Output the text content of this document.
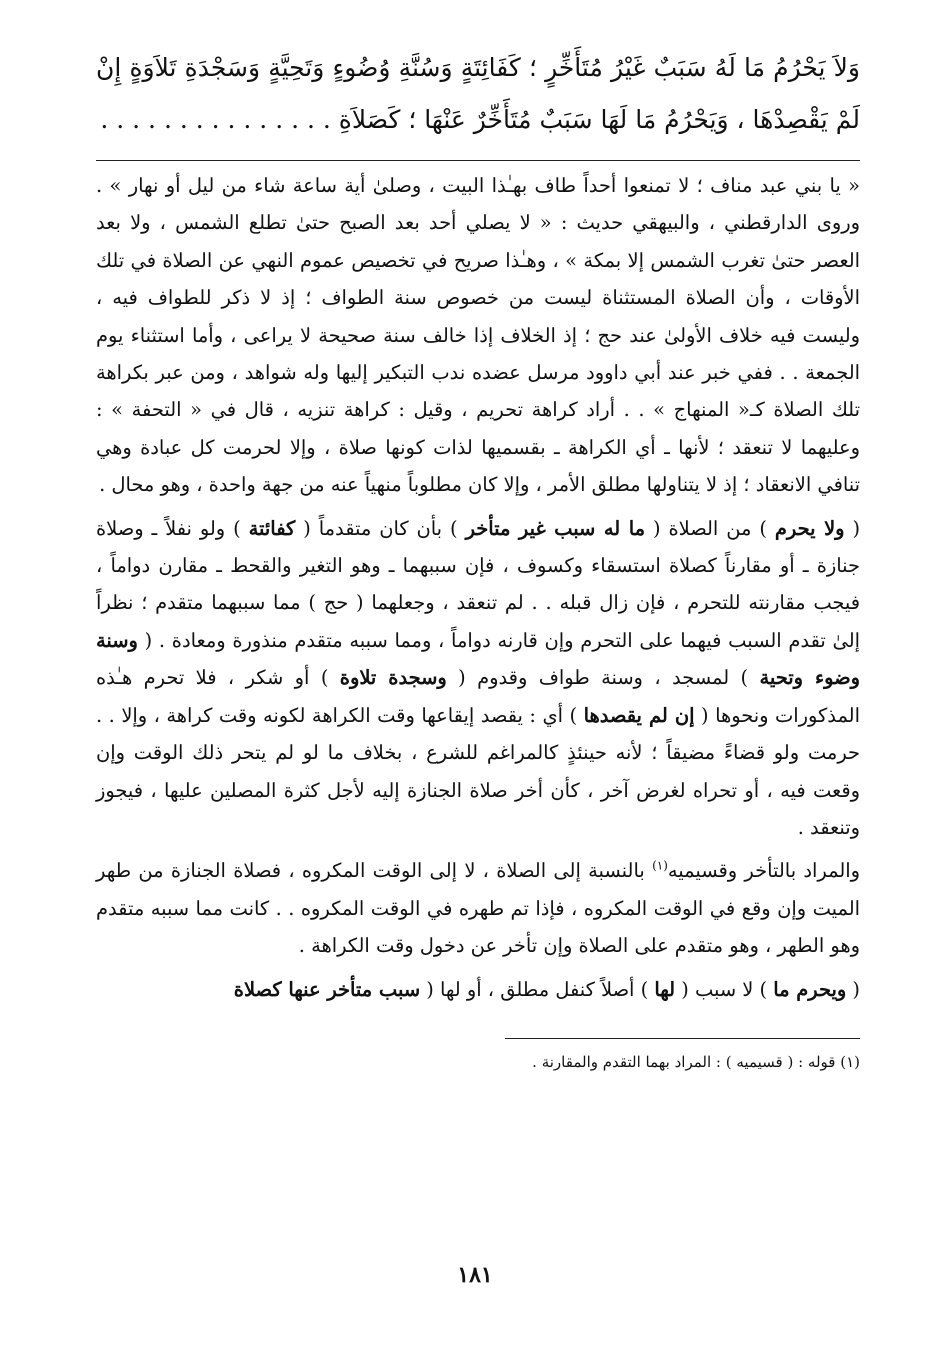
وَلاَ يَحْرُمُ مَا لَهُ سَبَبٌ غَيْرُ مُتَأَخِّرٍ ؛ كَفَائِتَةٍ وَسُنَّةِ وُضُوءٍ وَتَحِيَّةٍ وَسَجْدَةِ تَلاَوَةٍ إِنْ لَمْ يَقْصِدْهَا ، وَيَحْرُمُ مَا لَهَا سَبَبٌ مُتَأَخِّرٌ عَنْهَا ؛ كَصَلاَةِ . . . . . . . . . . . . . . .

« يا بني عبد مناف ؛ لا تمنعوا أحداً طاف بهـٰذا البيت ، وصلىٰ أية ساعة شاء من ليل أو نهار » . وروى الدارقطني ، والبيهقي حديث : « لا يصلي أحد بعد الصبح حتىٰ تطلع الشمس ، ولا بعد العصر حتىٰ تغرب الشمس إلا بمكة » ، وهـٰذا صريح في تخصيص عموم النهي عن الصلاة في تلك الأوقات ، وأن الصلاة المستثناة ليست من خصوص سنة الطواف ؛ إذ لا ذكر للطواف فيه ، وليست فيه خلاف الأولىٰ عند حج ؛ إذ الخلاف إذا خالف سنة صحيحة لا يراعى ، وأما استثناء يوم الجمعة . . ففي خبر عند أبي داوود مرسل عضده ندب التبكير إليها وله شواهد ، ومن عبر بكراهة تلك الصلاة كـ« المنهاج » . . أراد كراهة تحريم ، وقيل : كراهة تنزيه ، قال في « التحفة » : وعليهما لا تنعقد ؛ لأنها ـ أي الكراهة ـ بقسميها لذات كونها صلاة ، وإلا لحرمت كل عبادة وهي تنافي الانعقاد ؛ إذ لا يتناولها مطلق الأمر ، وإلا كان مطلوباً منهياً عنه من جهة واحدة ، وهو محال .

( ولا يحرم ) من الصلاة ( ما له سبب غير متأخر ) بأن كان متقدماً ( كفائتة ) ولو نفلاً ـ وصلاة جنازة ـ أو مقارناً كصلاة استسقاء وكسوف ، فإن سببهما ـ وهو التغير والقحط ـ مقارن دواماً ، فيجب مقارنته للتحرم ، فإن زال قبله . . لم تنعقد ، وجعلهما ( حج ) مما سببهما متقدم ؛ نظراً إلىٰ تقدم السبب فيهما على التحرم وإن قارنه دواماً ، ومما سببه متقدم منذورة ومعادة . ( وسنة وضوء وتحية ) لمسجد ، وسنة طواف وقدوم ( وسجدة تلاوة ) أو شكر ، فلا تحرم هـٰذه المذكورات ونحوها ( إن لم يقصدها ) أي : يقصد إيقاعها وقت الكراهة لكونه وقت كراهة ، وإلا . . حرمت ولو قضاءً مضيقاً ؛ لأنه حينئذٍ كالمراغم للشرع ، بخلاف ما لو لم يتحر ذلك الوقت وإن وقعت فيه ، أو تحراه لغرض آخر ، كأن أخر صلاة الجنازة إليه لأجل كثرة المصلين عليها ، فيجوز وتنعقد .

والمراد بالتأخر وقسيميه$^{(١)}$ بالنسبة إلى الصلاة ، لا إلى الوقت المكروه ، فصلاة الجنازة من طهر الميت وإن وقع في الوقت المكروه ، فإذا تم طهره في الوقت المكروه . . كانت مما سببه متقدم وهو الطهر ، وهو متقدم على الصلاة وإن تأخر عن دخول وقت الكراهة .

( ويحرم ما ) لا سبب ( لها ) أصلاً كنفل مطلق ، أو لها ( سبب متأخر عنها كصلاة

(١) قوله : ( قسيميه ) : المراد بهما التقدم والمقارنة .

١٨١
